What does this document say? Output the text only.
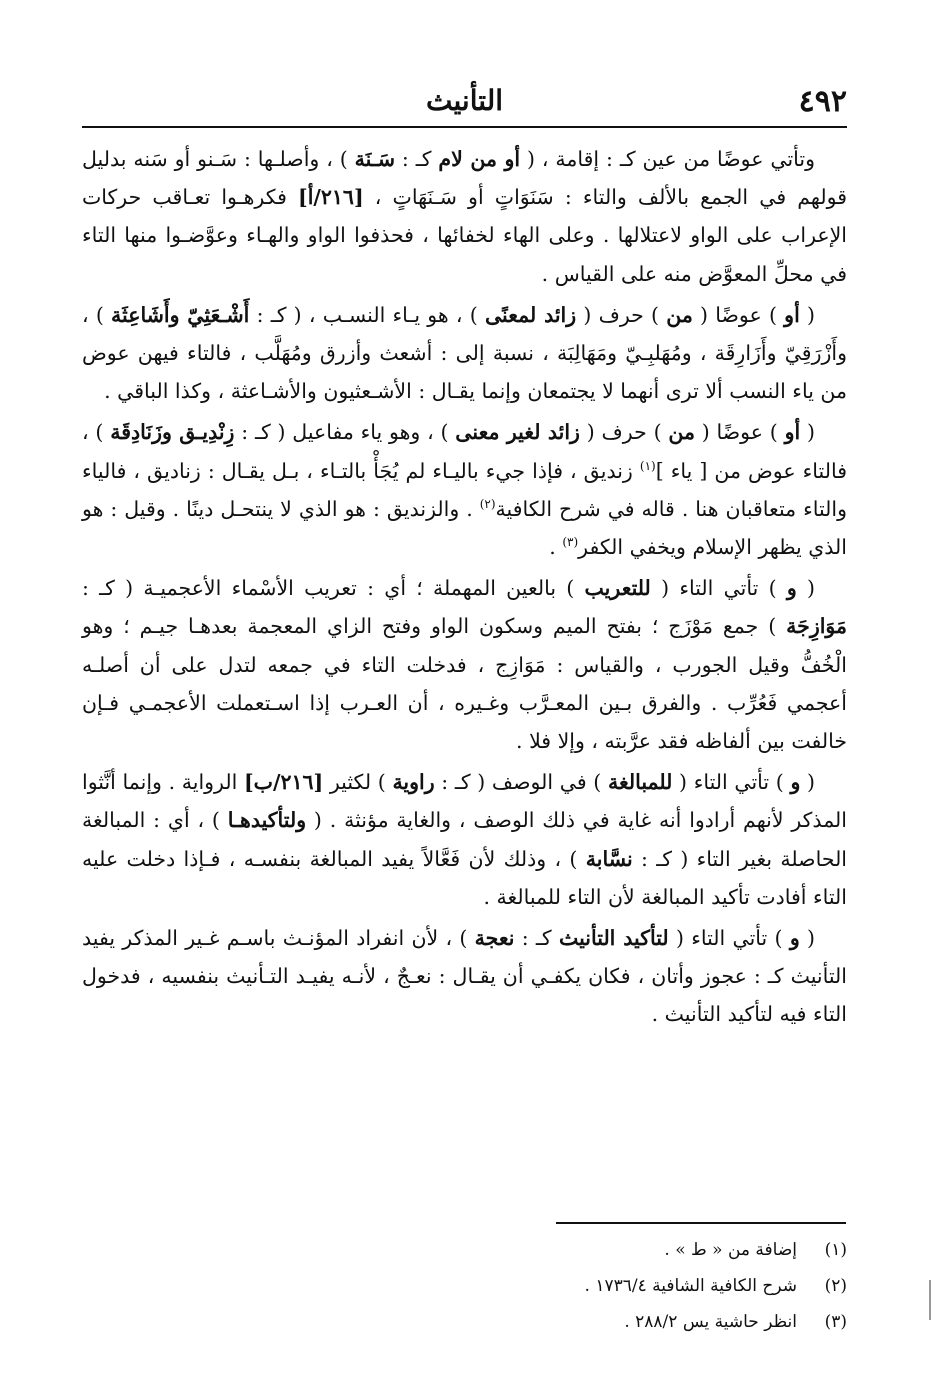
٤٩٢
التأنيث

وتأتي عوضًا من عين كـ : إقامة ، ( أو من لام كـ : سَـنَة ) ، وأصلـها : سَـنو أو سَنه بدليل قولهم في الجمع بالألف والتاء : سَنَوَاتٍ أو سَـنَهَاتٍ ، [٢١٦/أ] فكرهـوا تعـاقب حركات الإعراب على الواو لاعتلالها . وعلى الهاء لخفائها ، فحذفوا الواو والهـاء وعوَّضـوا منها التاء في محلِّ المعوَّض منه على القياس .

( أو ) عوضًا ( من ) حرف ( زائد لمعنًى ) ، هو يـاء النسـب ، ( كـ : أَشْـعَثِيّ وأَشَاعِثَة ) ، وأَزْرَقِيّ وأَزَارِقَة ، ومُهَلبِـيّ ومَهَالِبَة ، نسبة إلى : أشعث وأزرق ومُهَلَّب ، فالتاء فيهن عوض من ياء النسب ألا ترى أنهما لا يجتمعان وإنما يقـال : الأشـعثيون والأشـاعثة ، وكذا الباقي .

( أو ) عوضًا ( من ) حرف ( زائد لغير معنى ) ، وهو ياء مفاعيل ( كـ : زِنْدِيـق وزَنَادِقَة ) ، فالتاء عوض من [ ياء ]$^{(١)}$ زنديق ، فإذا جيء باليـاء لم يُجَأْ بالتـاء ، بـل يقـال : زناديق ، فالياء والتاء متعاقبان هنا . قاله في شرح الكافية$^{(٢)}$ . والزنديق : هو الذي لا ينتحـل دينًا . وقيل : هو الذي يظهر الإسلام ويخفي الكفر$^{(٣)}$ .

( و ) تأتي التاء ( للتعريب ) بالعين المهملة ؛ أي : تعريب الأسْماء الأعجميـة ( كـ : مَوَازِجَة ) جمع مَوْزَج ؛ بفتح الميم وسكون الواو وفتح الزاي المعجمة بعدهـا جيـم ؛ وهو الْخُفُّ وقيل الجورب ، والقياس : مَوَازِج ، فدخلت التاء في جمعه لتدل على أن أصلـه أعجمي فَعُرِّب . والفرق بـين المعـرَّب وغـيره ، أن العـرب إذا اسـتعملت الأعجمـي فـإن خالفت بين ألفاظه فقد عرَّبته ، وإلا فلا .

( و ) تأتي التاء ( للمبالغة ) في الوصف ( كـ : راوية ) لكثير [٢١٦/ب] الرواية . وإنما أنَّثوا المذكر لأنهم أرادوا أنه غاية في ذلك الوصف ، والغاية مؤنثة . ( ولتأكيدهـا ) ، أي : المبالغة الحاصلة بغير التاء ( كـ : نسَّابة ) ، وذلك لأن فَعَّالاً يفيد المبالغة بنفسـه ، فـإذا دخلت عليه التاء أفادت تأكيد المبالغة لأن التاء للمبالغة .

( و ) تأتي التاء ( لتأكيد التأنيث كـ : نعجة ) ، لأن انفراد المؤنـث باسـم غـير المذكر يفيد التأنيث كـ : عجوز وأتان ، فكان يكفـي أن يقـال : نعـجٌ ، لأنـه يفيـد التـأنيث بنفسيه ، فدخول التاء فيه لتأكيد التأنيث .

(١)
إضافة من « ط » .
(٢)
شرح الكافية الشافية ١٧٣٦/٤ .
(٣)
انظر حاشية يس ٢٨٨/٢ .
